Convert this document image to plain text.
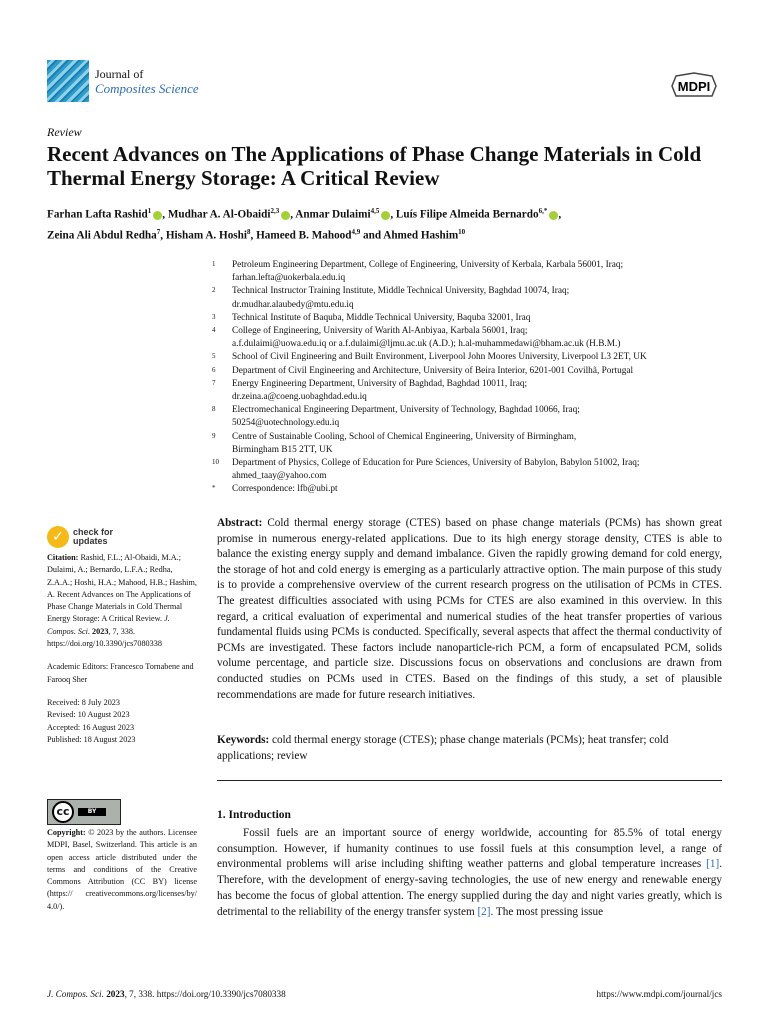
Journal of
Composites Science	MDPI
Review
Recent Advances on The Applications of Phase Change Materials in Cold Thermal Energy Storage: A Critical Review
Farhan Lafta Rashid$^1$ , Mudhar A. Al-Obaidi$^{2,3}$ , Anmar Dulaimi$^{4,5}$ , Luís Filipe Almeida Bernardo$^{6,*}$ ,
Zeina Ali Abdul Redha$^7$, Hisham A. Hoshi$^8$, Hameed B. Mahood$^{4,9}$ and Ahmed Hashim$^{10}$
1	Petroleum Engineering Department, College of Engineering, University of Kerbala, Karbala 56001, Iraq;
farhan.lefta@uokerbala.edu.iq
2	Technical Instructor Training Institute, Middle Technical University, Baghdad 10074, Iraq;
dr.mudhar.alaubedy@mtu.edu.iq
3	Technical Institute of Baquba, Middle Technical University, Baquba 32001, Iraq
4	College of Engineering, University of Warith Al-Anbiyaa, Karbala 56001, Iraq;
a.f.dulaimi@uowa.edu.iq or a.f.dulaimi@ljmu.ac.uk (A.D.); h.al-muhammedawi@bham.ac.uk (H.B.M.)
5	School of Civil Engineering and Built Environment, Liverpool John Moores University, Liverpool L3 2ET, UK
6	Department of Civil Engineering and Architecture, University of Beira Interior, 6201-001 Covilhã, Portugal
7	Energy Engineering Department, University of Baghdad, Baghdad 10011, Iraq;
dr.zeina.a@coeng.uobaghdad.edu.iq
8	Electromechanical Engineering Department, University of Technology, Baghdad 10066, Iraq;
50254@uotechnology.edu.iq
9	Centre of Sustainable Cooling, School of Chemical Engineering, University of Birmingham,
Birmingham B15 2TT, UK
10	Department of Physics, College of Education for Pure Sciences, University of Babylon, Babylon 51002, Iraq;
ahmed_taay@yahoo.com
*	Correspondence: lfb@ubi.pt
✓	check for
updates

Citation: Rashid, F.L.; Al-Obaidi, M.A.; Dulaimi, A.; Bernardo, L.F.A.; Redha, Z.A.A.; Hoshi, H.A.; Mahood, H.B.; Hashim, A. Recent Advances on The Applications of Phase Change Materials in Cold Thermal Energy Storage: A Critical Review. J. Compos. Sci. 2023, 7, 338. https://doi.org/10.3390/jcs7080338

Academic Editors: Francesco Tornabene and Farooq Sher

Received: 8 July 2023

Revised: 10 August 2023

Accepted: 16 August 2023

Published: 18 August 2023

cc	BY
Copyright: © 2023 by the authors. Licensee MDPI, Basel, Switzerland. This article is an open access article distributed under the terms and conditions of the Creative Commons Attribution (CC BY) license (https:// creativecommons.org/licenses/by/ 4.0/).
Abstract: Cold thermal energy storage (CTES) based on phase change materials (PCMs) has shown great promise in numerous energy-related applications. Due to its high energy storage density, CTES is able to balance the existing energy supply and demand imbalance. Given the rapidly growing demand for cold energy, the storage of hot and cold energy is emerging as a particularly attractive option. The main purpose of this study is to provide a comprehensive overview of the current research progress on the utilisation of PCMs in CTES. The greatest difficulties associated with using PCMs for CTES are also examined in this overview. In this regard, a critical evaluation of experimental and numerical studies of the heat transfer properties of various fundamental fluids using PCMs is conducted. Specifically, several aspects that affect the thermal conductivity of PCMs are investigated. These factors include nanoparticle-rich PCM, a form of encapsulated PCM, solids volume percentage, and particle size. Discussions focus on observations and conclusions are drawn from conducted studies on PCMs used in CTES. Based on the findings of this study, a set of plausible recommendations are made for future research initiatives.
Keywords: cold thermal energy storage (CTES); phase change materials (PCMs); heat transfer; cold applications; review
1. Introduction
Fossil fuels are an important source of energy worldwide, accounting for 85.5% of total energy consumption. However, if humanity continues to use fossil fuels at this consumption level, a range of environmental problems will arise including shifting weather patterns and global temperature increases [1]. Therefore, with the development of energy-saving technologies, the use of new energy and renewable energy has become the focus of global attention. The energy supplied during the day and night varies greatly, which is detrimental to the reliability of the energy transfer system [2]. The most pressing issue
J. Compos. Sci. 2023, 7, 338. https://doi.org/10.3390/jcs7080338	https://www.mdpi.com/journal/jcs
